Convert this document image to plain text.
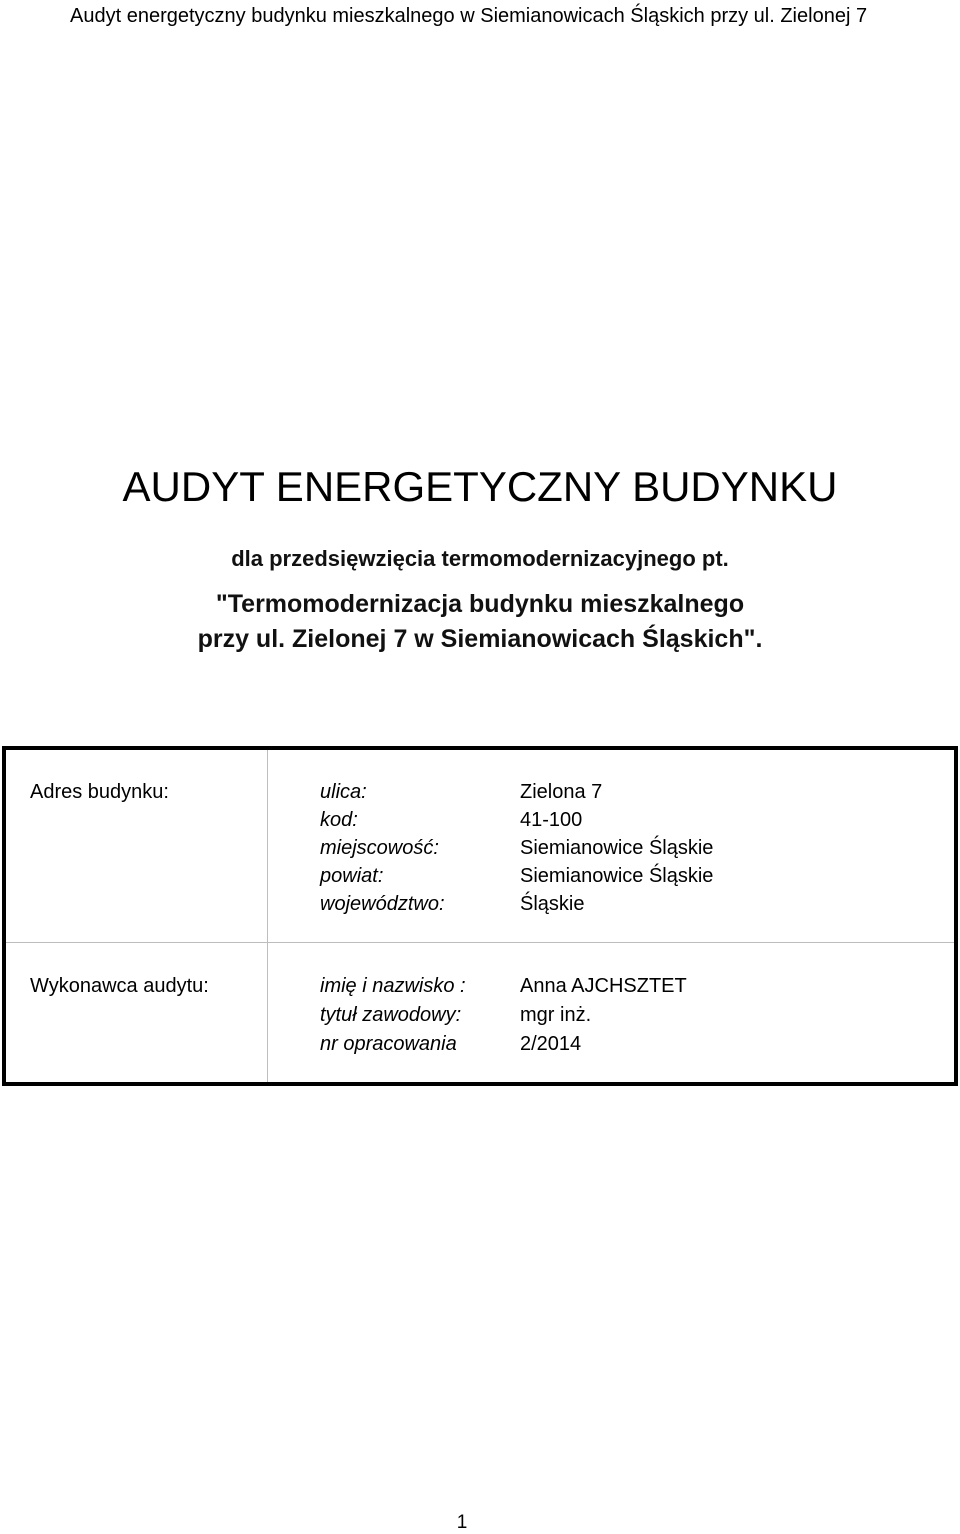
Audyt energetyczny budynku mieszkalnego w Siemianowicach Śląskich przy ul. Zielonej 7
AUDYT ENERGETYCZNY BUDYNKU
dla przedsięwzięcia termomodernizacyjnego pt.
"Termomodernizacja budynku mieszkalnego
przy ul. Zielonej 7 w Siemianowicach Śląskich".
Adres budynku:	ulica:	Zielona 7
kod:	41-100
miejscowość:	Siemianowice Śląskie
powiat:	Siemianowice Śląskie
województwo:	Śląskie
Wykonawca audytu:	imię i nazwisko :	Anna AJCHSZTET
tytuł zawodowy:	mgr inż.
nr opracowania	2/2014
1
